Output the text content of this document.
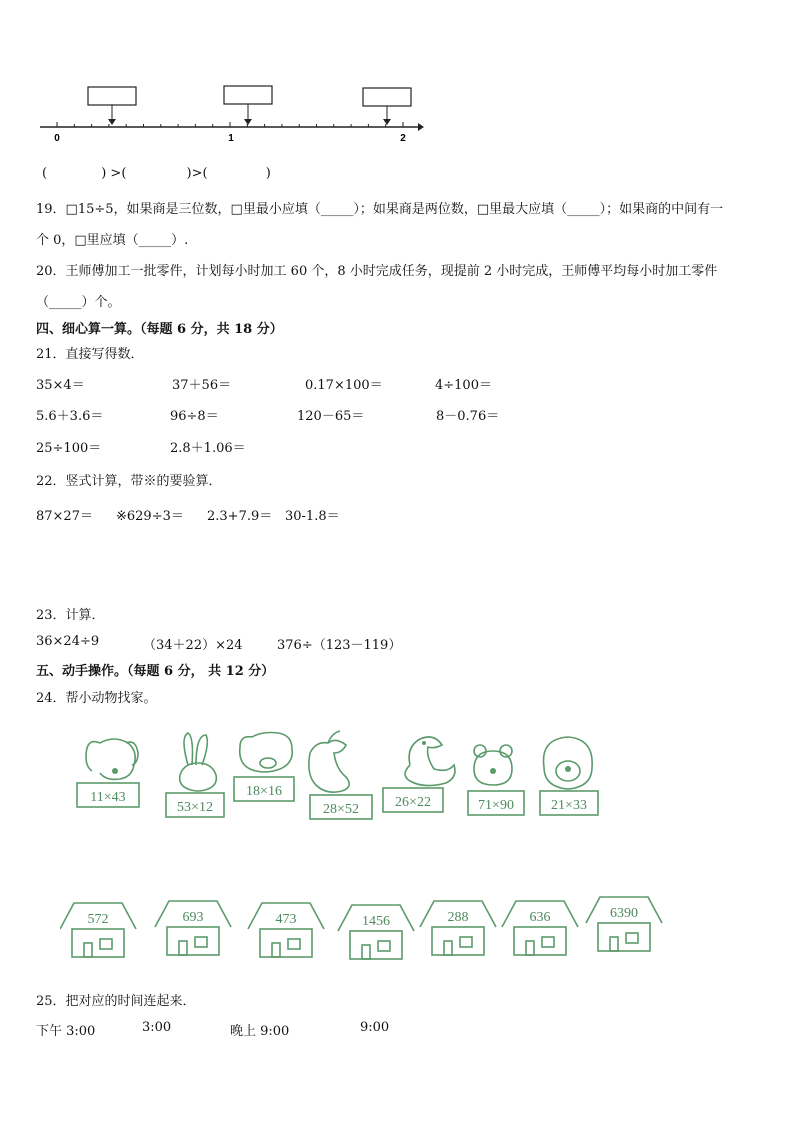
0	1	2
(	) >(	)>(	)
19．□15÷5，如果商是三位数，□里最小应填（_____）；如果商是两位数，□里最大应填（_____）；如果商的中间有一
个 0，□里应填（_____）.
20．王师傅加工一批零件，计划每小时加工 60 个，8 小时完成任务，现提前 2 小时完成，王师傅平均每小时加工零件
（_____）个。
四、细心算一算。（每题 6 分，共 18 分）
21．直接写得数．
35×4＝	37＋56＝	0.17×100＝	4÷100＝
5.6＋3.6＝	96÷8＝	120－65＝	8－0.76＝
25÷100＝	2.8＋1.06＝
22．竖式计算，带※的要验算．
87×27＝ ※629÷3＝ 2.3+7.9＝ 30-1.8＝
23．计算．
36×24÷9	（34＋22）×24	376÷（123－119）
五、动手操作。（每题 6 分， 共 12 分）
24．帮小动物找家。
11×43
53×12
18×16
28×52	26×22	71×90	21×33
572	693	473	1456	288	636	6390
25．把对应的时间连起来．
下午 3:00	3:00	晚上 9:00	9:00
